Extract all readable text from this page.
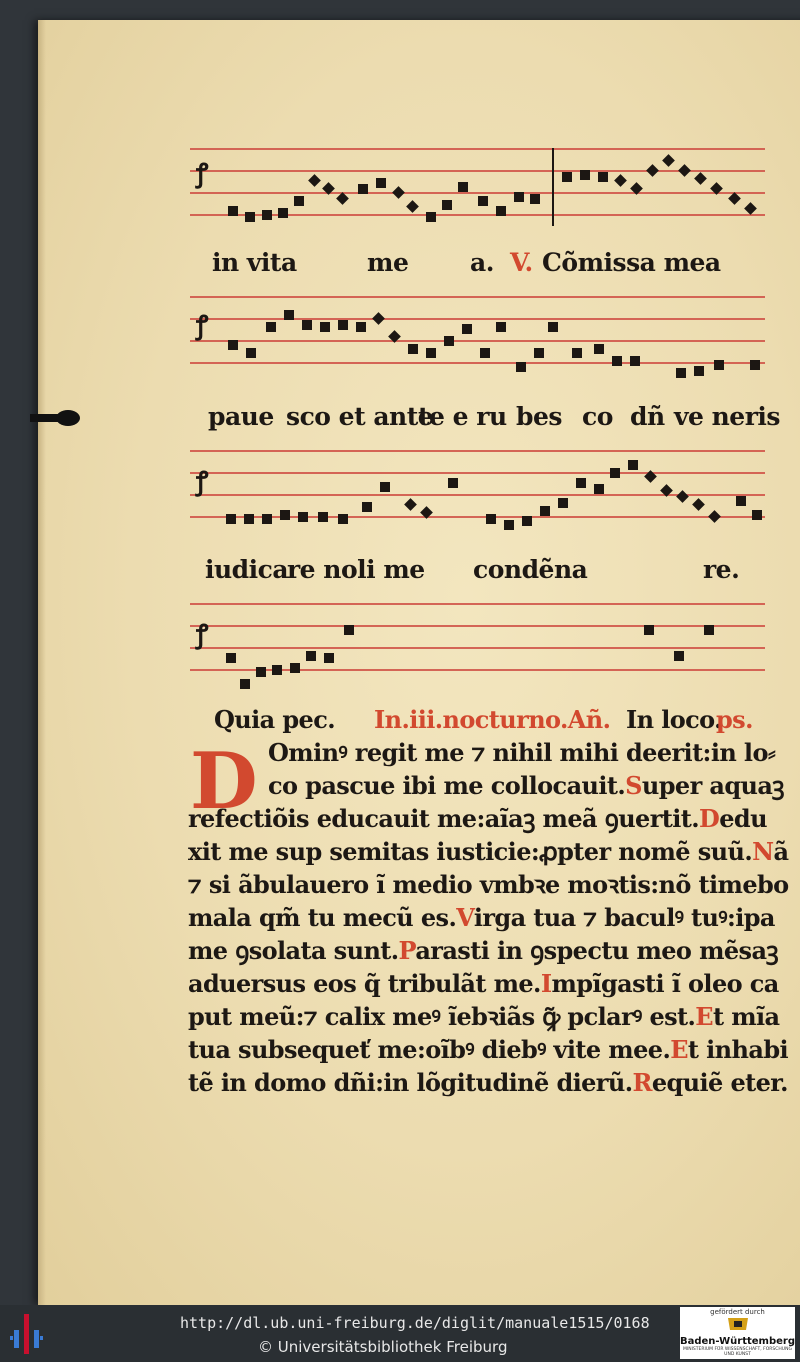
ꝭ
in vita	me a. V. Cõmissa mea
ꝭ
paue sco et ante
te e ru bes co dñ ve neris
ꝭ
iudica
re noli me condẽna	re.
ꝭ
Quia pec. In.iii.nocturno.Añ. In loco.
ps.
D Ominꝰ regit me ⁊ nihil mihi deerit:in lo⸗
co pascue ibi me collocauit.Super aquaꝫ
refectiõis educauit me:aĩaꝫ meã ꝯuertit.Dedu
xit me sup semitas iusticie:ꝓpter nomẽ suũ.Nã
⁊ si ãbulauero ĩ medio vmbꝛe moꝛtis:nõ timebo
mala qm̃ tu mecũ es.Virga tua ⁊ baculꝰ tuꝰ:ipa
me ꝯsolata sunt.Parasti in ꝯspectu meo mẽsaꝫ
aduersus eos q̃ tribulãt me.Impĩgasti ĩ oleo ca
put meũ:⁊ calix meꝰ ĩebꝛiãs ꝙ̃ pclarꝰ est.Et mĩa
tua subsequeť me:oĩbꝰ diebꝰ vite mee.Et inhabi
tẽ in domo dñi:in lõgitudinẽ dierũ.Requiẽ eter.
http://dl.ub.uni-freiburg.de/diglit/manuale1515/0168
© Universitätsbibliothek Freiburg
gefördert durch
Baden-Württemberg
MINISTERIUM FÜR WISSENSCHAFT, FORSCHUNG UND KUNST
